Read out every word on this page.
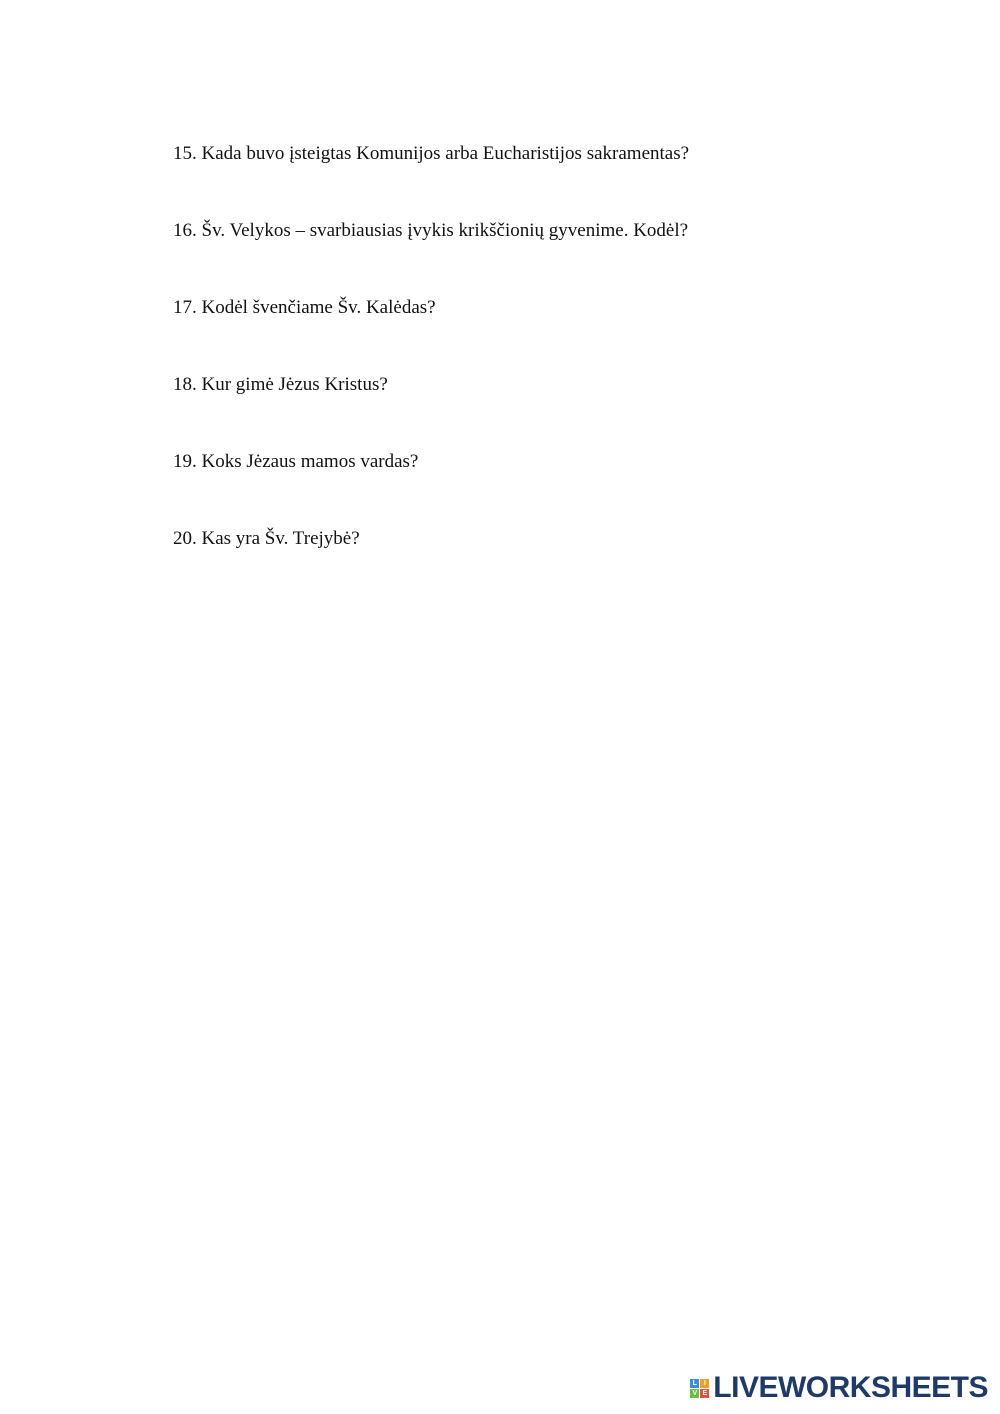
15. Kada buvo įsteigtas Komunijos arba Eucharistijos sakramentas?
16. Šv. Velykos – svarbiausias įvykis krikščionių gyvenime. Kodėl?
17. Kodėl švenčiame Šv. Kalėdas?
18. Kur gimė Jėzus Kristus?
19. Koks Jėzaus mamos vardas?
20. Kas yra Šv. Trejybė?
L I
V E LIVEWORKSHEETS
